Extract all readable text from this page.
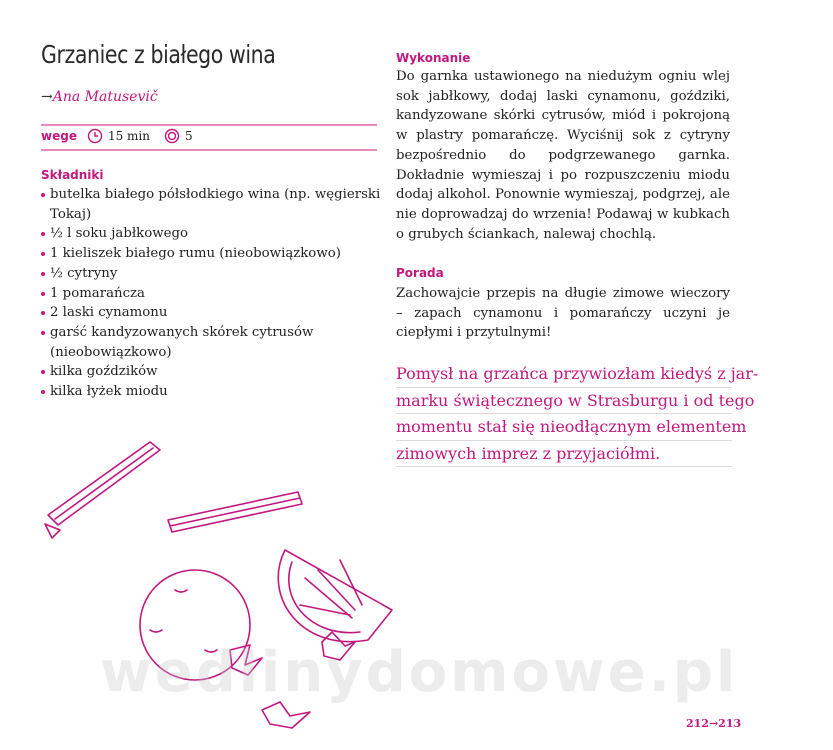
Grzaniec z białego wina
→Ana Matusevič
wege	15 min	5
Składniki
butelka białego półsłodkiego wina (np. węgierski Tokaj)
½ l soku jabłkowego
1 kieliszek białego rumu (nieobowiązkowo)
½ cytryny
1 pomarańcza
2 laski cynamonu
garść kandyzowanych skórek cytrusów (nieobowiązkowo)
kilka goździków
kilka łyżek miodu
Wykonanie
Do garnka ustawionego na niedużym ogniu wlej sok jabłkowy, dodaj laski cynamonu, goździki, kandyzowane skórki cytrusów, miód i pokrojoną w plastry pomarańczę. Wyciśnij sok z cytryny bezpośrednio do podgrzewanego garnka. Dokładnie wymieszaj i po rozpuszczeniu miodu dodaj alkohol. Ponownie wymieszaj, podgrzej, ale nie doprowadzaj do wrzenia! Podawaj w kubkach o grubych ściankach, nalewaj chochlą.
Porada
Zachowajcie przepis na długie zimowe wieczory – zapach cynamonu i pomarańczy uczyni je ciepłymi i przytulnymi!
Pomysł na grzańca przywiozłam kiedyś z jar-
marku świątecznego w Strasburgu i od tego
momentu stał się nieodłącznym elementem
zimowych imprez z przyjaciółmi.
wedlinydomowe.pl
212→213
